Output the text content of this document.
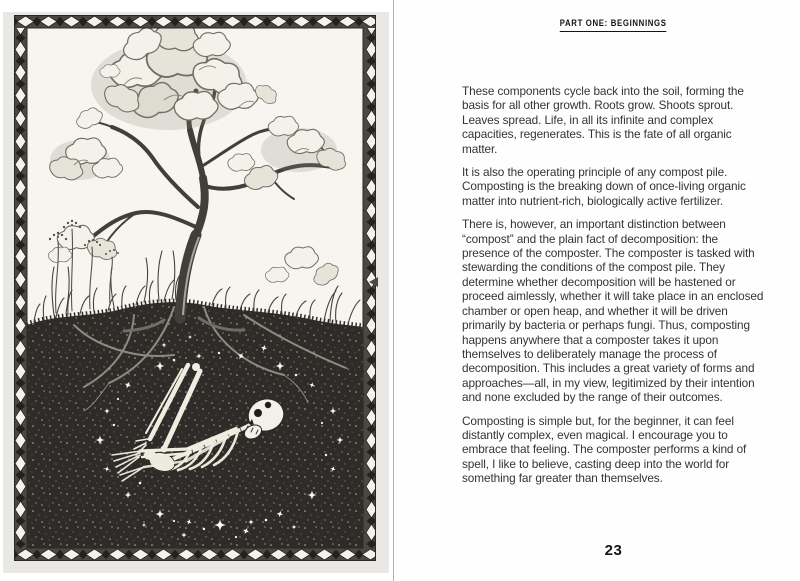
PART ONE: BEGINNINGS

These components cycle back into the soil, forming the basis for all other growth. Roots grow. Shoots sprout. Leaves spread. Life, in all its infinite and complex capacities, regenerates. This is the fate of all organic matter.

It is also the operating principle of any compost pile. Composting is the breaking down of once-living organic matter into nutrient-rich, biologically active fertilizer.

There is, however, an important distinction between “compost” and the plain fact of decomposition: the presence of the composter. The composter is tasked with stewarding the conditions of the compost pile. They determine whether decomposition will be hastened or proceed aimlessly, whether it will take place in an enclosed chamber or open heap, and whether it will be driven primarily by bacteria or perhaps fungi. Thus, composting happens anywhere that a composter takes it upon themselves to deliberately manage the process of decomposition. This includes a great variety of forms and approaches—all, in my view, legitimized by their intention and none excluded by the range of their outcomes.

Composting is simple but, for the beginner, it can feel distantly complex, even magical. I encourage you to embrace that feeling. The composter performs a kind of spell, I like to believe, casting deep into the world for something far greater than themselves.

23
